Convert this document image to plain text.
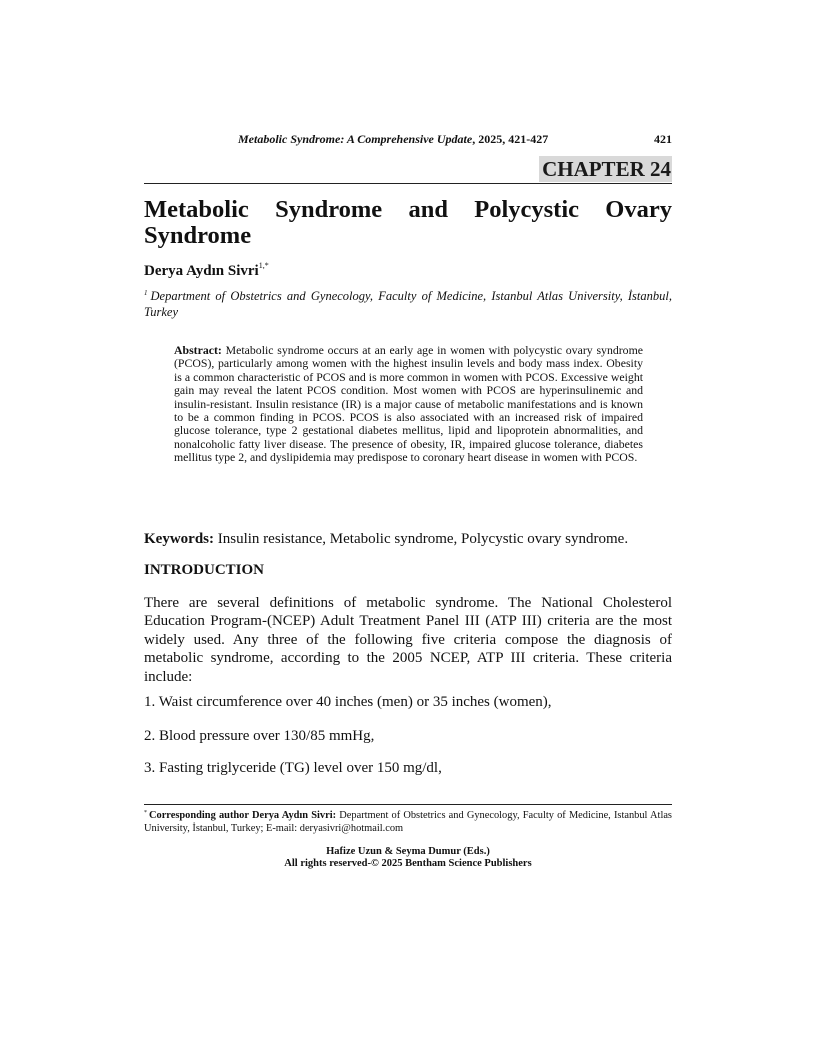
Metabolic Syndrome: A Comprehensive Update, 2025, 421-427	421
CHAPTER 24
Metabolic Syndrome and Polycystic Ovary Syndrome
Derya Aydın Sivri$^{1,*}$
$^1$ Department of Obstetrics and Gynecology, Faculty of Medicine, Istanbul Atlas University, İstanbul, Turkey
Abstract: Metabolic syndrome occurs at an early age in women with polycystic ovary syndrome (PCOS), particularly among women with the highest insulin levels and body mass index. Obesity is a common characteristic of PCOS and is more common in women with PCOS. Excessive weight gain may reveal the latent PCOS condition. Most women with PCOS are hyperinsulinemic and insulin-resistant. Insulin resistance (IR) is a major cause of metabolic manifestations and is known to be a common finding in PCOS. PCOS is also associated with an increased risk of impaired glucose tolerance, type 2 gestational diabetes mellitus, lipid and lipoprotein abnormalities, and nonalcoholic fatty liver disease. The presence of obesity, IR, impaired glucose tolerance, diabetes mellitus type 2, and dyslipidemia may predispose to coronary heart disease in women with PCOS.
Keywords: Insulin resistance, Metabolic syndrome, Polycystic ovary syndrome.
INTRODUCTION

There are several definitions of metabolic syndrome. The National Cholesterol Education Program-(NCEP) Adult Treatment Panel III (ATP III) criteria are the most widely used. Any three of the following five criteria compose the diagnosis of metabolic syndrome, according to the 2005 NCEP, ATP III criteria. These criteria include:

1. Waist circumference over 40 inches (men) or 35 inches (women),

2. Blood pressure over 130/85 mmHg,

3. Fasting triglyceride (TG) level over 150 mg/dl,

* Corresponding author Derya Aydın Sivri: Department of Obstetrics and Gynecology, Faculty of Medicine, Istanbul Atlas University, İstanbul, Turkey; E-mail: deryasivri@hotmail.com
Hafize Uzun & Seyma Dumur (Eds.)
All rights reserved-© 2025 Bentham Science Publishers
